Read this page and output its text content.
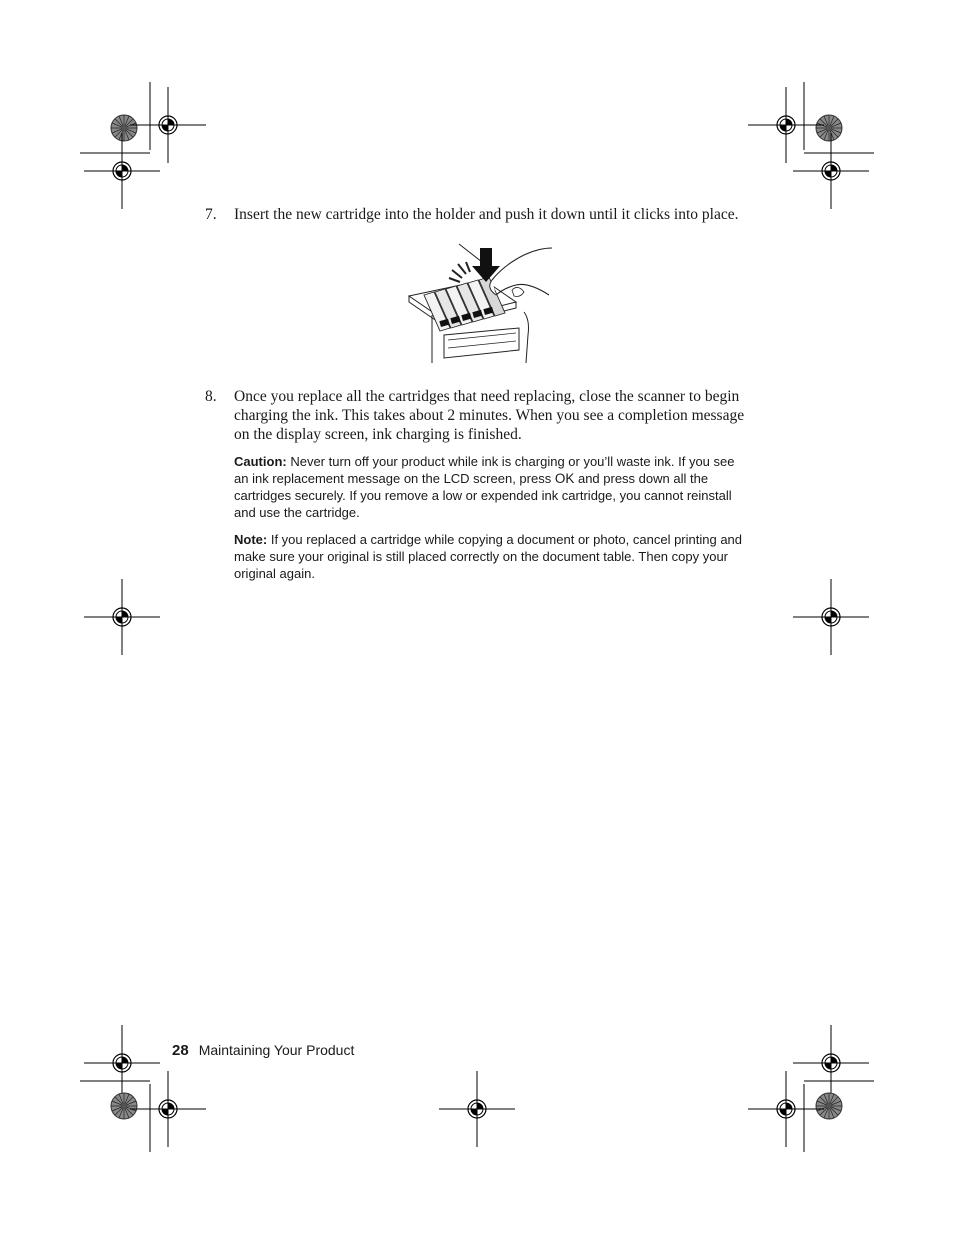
7.	Insert the new cartridge into the holder and push it down until it clicks into place.
8.	Once you replace all the cartridges that need replacing, close the scanner to begin charging the ink. This takes about 2 minutes. When you see a completion message on the display screen, ink charging is finished.
Caution: Never turn off your product while ink is charging or you’ll waste ink. If you see an ink replacement message on the LCD screen, press OK and press down all the cartridges securely. If you remove a low or expended ink cartridge, you cannot reinstall and use the cartridge.
Note: If you replaced a cartridge while copying a document or photo, cancel printing and make sure your original is still placed correctly on the document table. Then copy your original again.
28 Maintaining Your Product
